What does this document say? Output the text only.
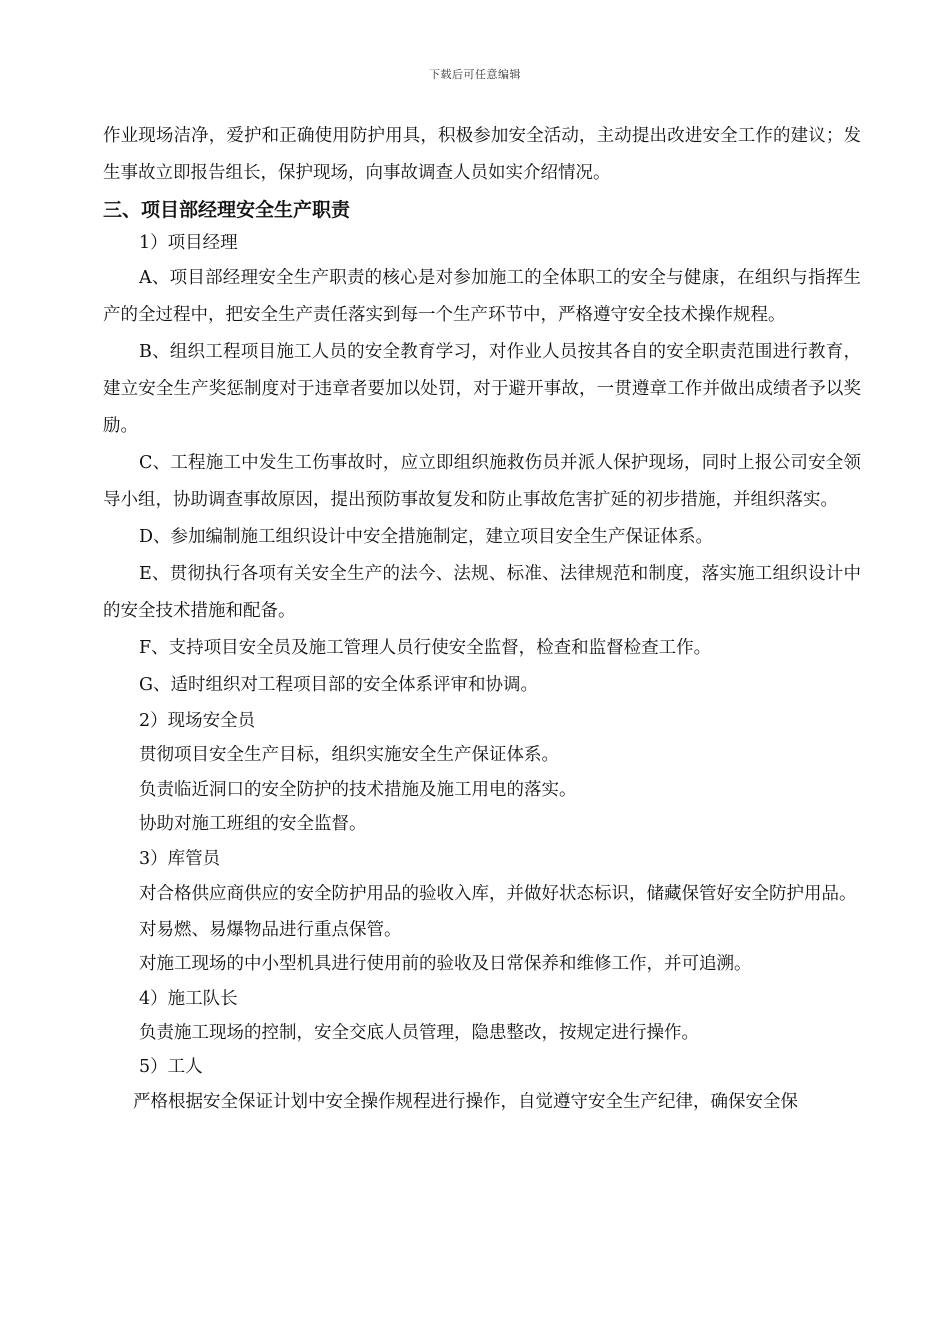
下载后可任意编辑

作业现场洁净，爱护和正确使用防护用具，积极参加安全活动，主动提出改进安全工作的建议；发生事故立即报告组长，保护现场，向事故调查人员如实介绍情况。

三、项目部经理安全生产职责

1）项目经理

A、项目部经理安全生产职责的核心是对参加施工的全体职工的安全与健康，在组织与指挥生产的全过程中，把安全生产责任落实到每一个生产环节中，严格遵守安全技术操作规程。

B、组织工程项目施工人员的安全教育学习，对作业人员按其各自的安全职责范围进行教育，建立安全生产奖惩制度对于违章者要加以处罚，对于避开事故，一贯遵章工作并做出成绩者予以奖励。

C、工程施工中发生工伤事故时，应立即组织施救伤员并派人保护现场，同时上报公司安全领导小组，协助调查事故原因，提出预防事故复发和防止事故危害扩延的初步措施，并组织落实。

D、参加编制施工组织设计中安全措施制定，建立项目安全生产保证体系。

E、贯彻执行各项有关安全生产的法今、法规、标准、法律规范和制度，落实施工组织设计中的安全技术措施和配备。

F、支持项目安全员及施工管理人员行使安全监督，检查和监督检查工作。

G、适时组织对工程项目部的安全体系评审和协调。

2）现场安全员

贯彻项目安全生产目标，组织实施安全生产保证体系。

负责临近洞口的安全防护的技术措施及施工用电的落实。

协助对施工班组的安全监督。

3）库管员

对合格供应商供应的安全防护用品的验收入库，并做好状态标识，储藏保管好安全防护用品。

对易燃、易爆物品进行重点保管。

对施工现场的中小型机具进行使用前的验收及日常保养和维修工作，并可追溯。

4）施工队长

负责施工现场的控制，安全交底人员管理，隐患整改，按规定进行操作。

5）工人

严格根据安全保证计划中安全操作规程进行操作，自觉遵守安全生产纪律，确保安全保
